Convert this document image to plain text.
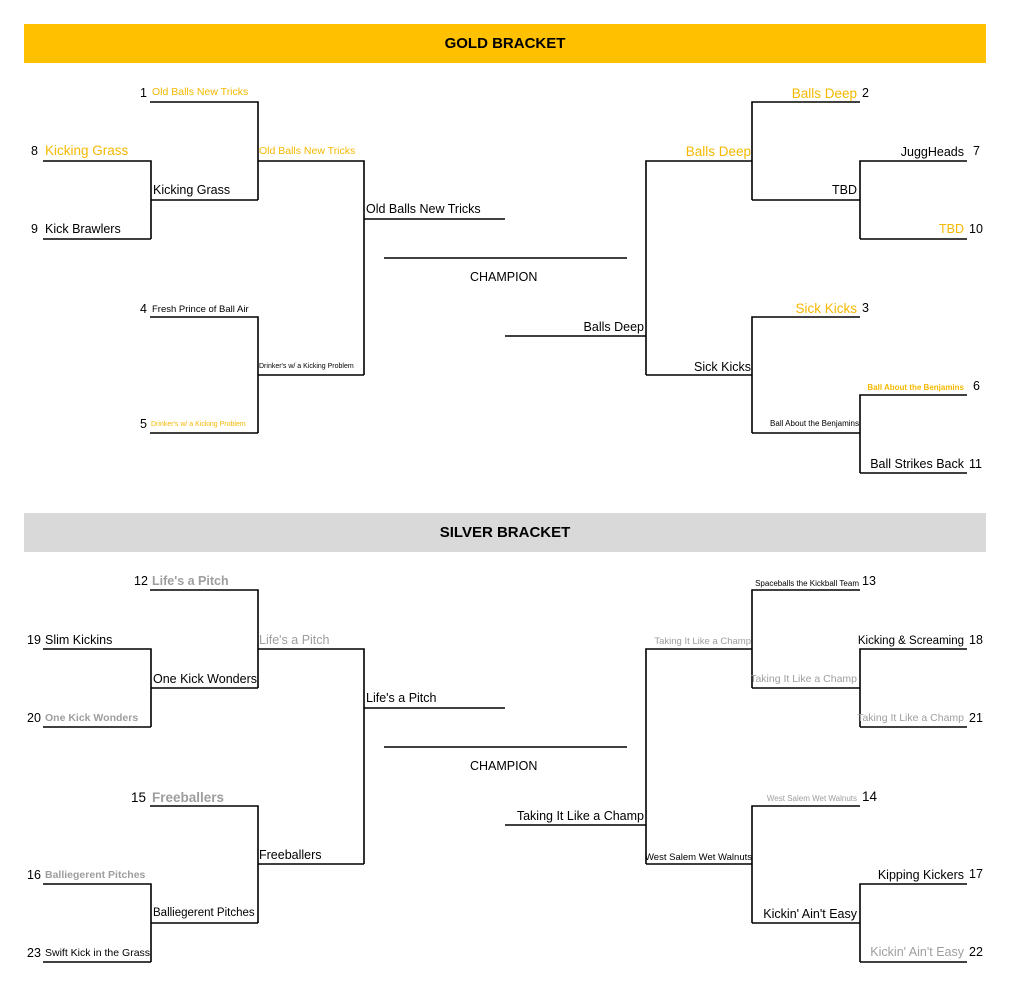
GOLD BRACKET
SILVER BRACKET
1 Old Balls New Tricks
8 Kicking Grass
9 Kick Brawlers
4 Fresh Prince of Ball Air
5 Drinker's w/ a Kicking Problem
Old Balls New Tricks
Kicking Grass
Drinker's w/ a Kicking Problem
Old Balls New Tricks
CHAMPION
Balls Deep 2
JuggHeads 7
TBD 10
Sick Kicks 3
Ball About the Benjamins 6
Ball Strikes Back 11
Balls Deep
TBD
Sick Kicks
Ball About the Benjamins
Balls Deep
12 Life's a Pitch
19 Slim Kickins
20 One Kick Wonders
15 Freeballers
16 Balliegerent Pitches
23 Swift Kick in the Grass
Life's a Pitch
One Kick Wonders
Freeballers
Balliegerent Pitches
Life's a Pitch
CHAMPION
Spaceballs the Kickball Team 13
Kicking & Screaming 18
Taking It Like a Champ 21
West Salem Wet Walnuts 14
Kipping Kickers 17
Kickin' Ain't Easy 22
Taking It Like a Champ
Taking It Like a Champ
West Salem Wet Walnuts
Kickin' Ain't Easy
Taking It Like a Champ
